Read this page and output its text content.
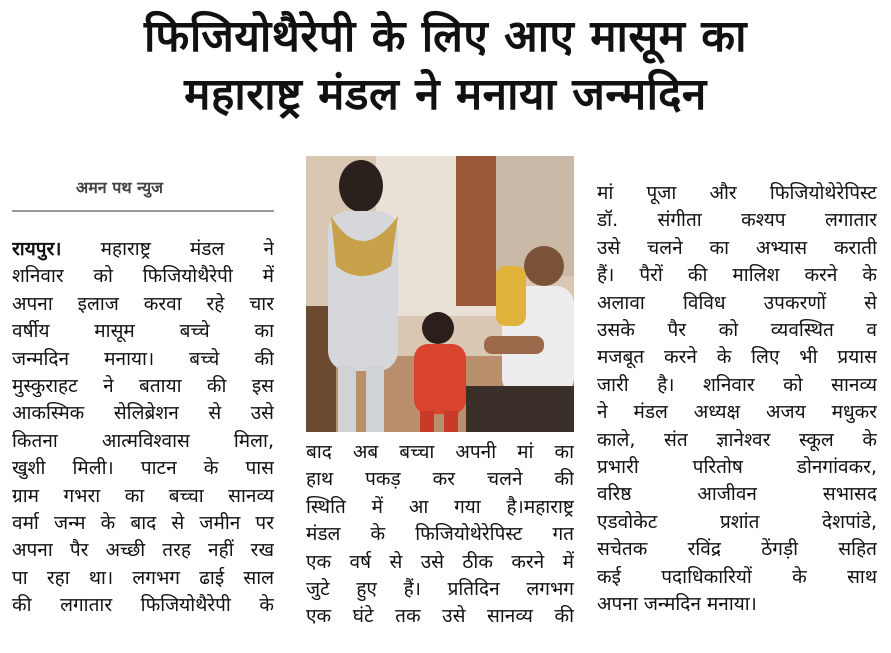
फिजियोथैरेपी के लिए आए मासूम का
महाराष्ट्र मंडल ने मनाया जन्मदिन
अमन पथ न्युज

रायपुर। महाराष्ट्र मंडल ने

शनिवार को फिजियोथैरेपी में

अपना इलाज करवा रहे चार

वर्षीय मासूम बच्चे का

जन्मदिन मनाया। बच्चे की

मुस्कुराहट ने बताया की इस

आकस्मिक सेलिब्रेशन से उसे

कितना आत्मविश्वास मिला,

खुशी मिली। पाटन के पास

ग्राम गभरा का बच्चा सानव्य

वर्मा जन्म के बाद से जमीन पर

अपना पैर अच्छी तरह नहीं रख

पा रहा था। लगभग ढाई साल

की लगातार फिजियोथैरेपी के

बाद अब बच्चा अपनी मां का

हाथ पकड़ कर चलने की

स्थिति में आ गया है।महाराष्ट्र

मंडल के फिजियोथेरेपिस्ट गत

एक वर्ष से उसे ठीक करने में

जुटे हुए हैं। प्रतिदिन लगभग

एक घंटे तक उसे सानव्य की

मां पूजा और फिजियोथेरेपिस्ट

डॉ. संगीता कश्यप लगातार

उसे चलने का अभ्यास कराती

हैं। पैरों की मालिश करने के

अलावा विविध उपकरणों से

उसके पैर को व्यवस्थित व

मजबूत करने के लिए भी प्रयास

जारी है। शनिवार को सानव्य

ने मंडल अध्यक्ष अजय मधुकर

काले, संत ज्ञानेश्वर स्कूल के

प्रभारी परितोष डोनगांवकर,

वरिष्ठ आजीवन सभासद

एडवोकेट प्रशांत देशपांडे,

सचेतक रविंद्र ठेंगड़ी सहित

कई पदाधिकारियों के साथ

अपना जन्मदिन मनाया।
